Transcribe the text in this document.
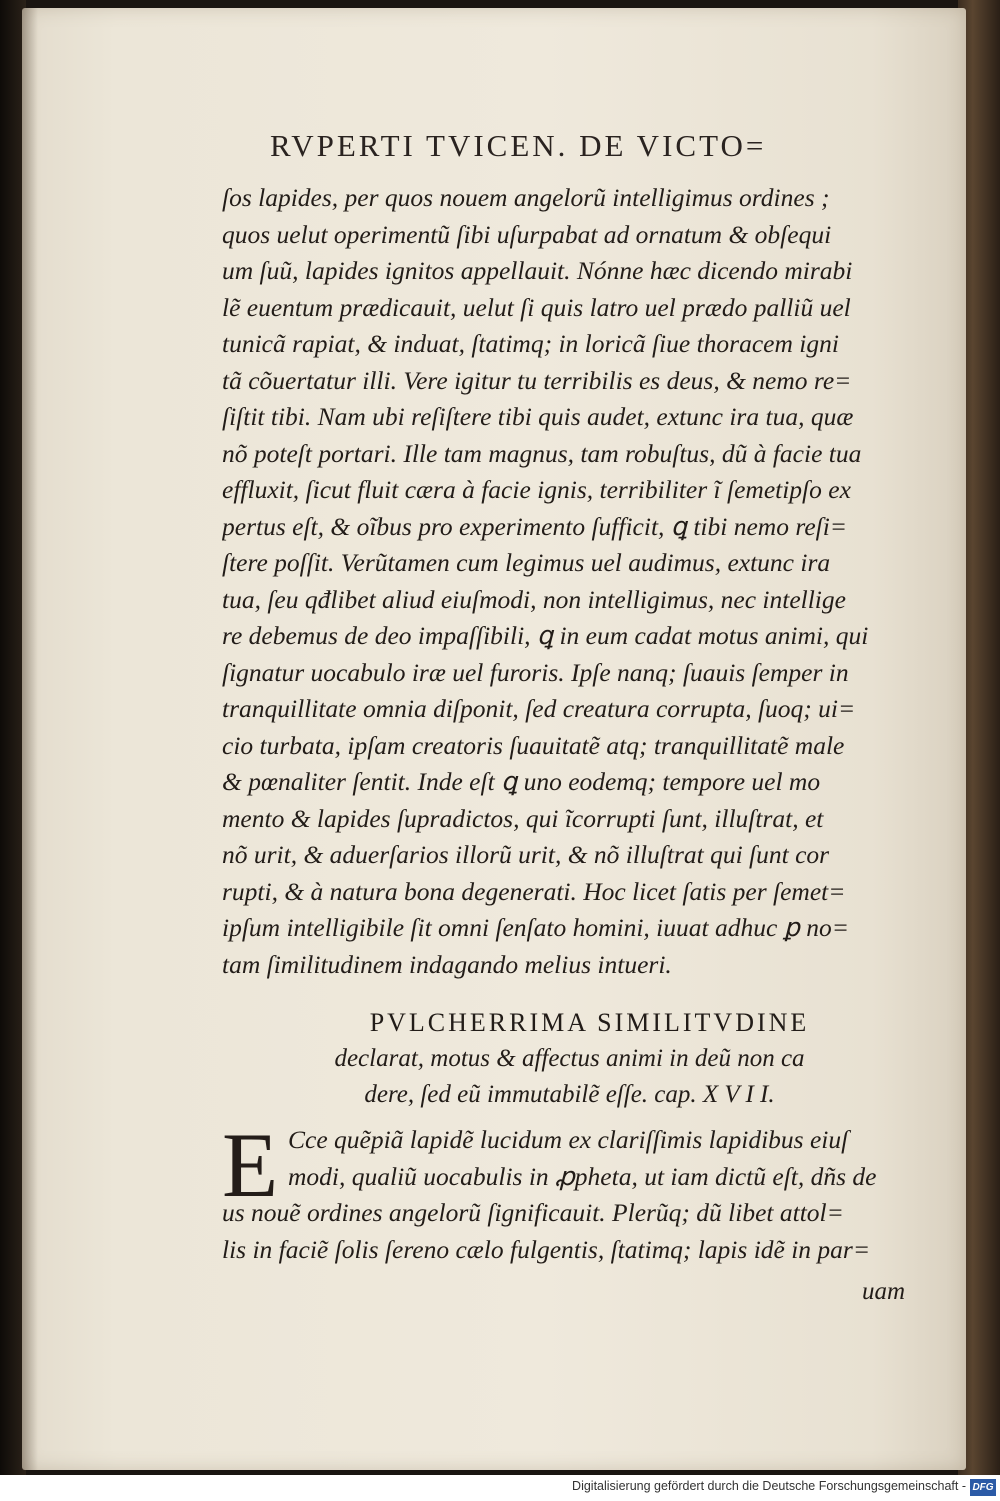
RVPERTI TVICEN. DE VICTO=
ſos lapides, per quos nouem angelorũ intelligimus ordines ;
quos uelut operimentũ ſibi uſurpabat ad ornatum & obſequi
um ſuũ, lapides ignitos appellauit. Nónne hæc dicendo mirabi
lẽ euentum prædicauit, uelut ſi quis latro uel prædo palliũ uel
tunicã rapiat, & induat, ſtatimq; in loricã ſiue thoracem igni
tã cõuertatur illi. Vere igitur tu terribilis es deus, & nemo re=
ſiſtit tibi. Nam ubi reſiſtere tibi quis audet, extunc ira tua, quæ
nõ poteſt portari. Ille tam magnus, tam robuſtus, dũ à facie tua
effluxit, ſicut fluit cæra à facie ignis, terribiliter ĩ ſemetipſo ex
pertus eſt, & oĩbus pro experimento ſufficit, ꝗ tibi nemo reſi=
ſtere poſſit. Verũtamen cum legimus uel audimus, extunc ira
tua, ſeu qđlibet aliud eiuſmodi, non intelligimus, nec intellige
re debemus de deo impaſſibili, ꝗ in eum cadat motus animi, qui
ſignatur uocabulo iræ uel furoris. Ipſe nanq; ſuauis ſemper in
tranquillitate omnia diſponit, ſed creatura corrupta, ſuoq; ui=
cio turbata, ipſam creatoris ſuauitatẽ atq; tranquillitatẽ male
& pœnaliter ſentit. Inde eſt ꝗ uno eodemq; tempore uel mo
mento & lapides ſupradictos, qui ĩcorrupti ſunt, illuſtrat, et
nõ urit, & aduerſarios illorũ urit, & nõ illuſtrat qui ſunt cor
rupti, & à natura bona degenerati. Hoc licet ſatis per ſemet=
ipſum intelligibile ſit omni ſenſato homini, iuuat adhuc ꝑ no=
tam ſimilitudinem indagando melius intueri.
PVLCHERRIMA SIMILITVDINE
declarat, motus & affectus animi in deũ non ca
dere, ſed eũ immutabilẽ eſſe. cap. X V I I.
E Cce quẽpiã lapidẽ lucidum ex clariſſimis lapidibus eiuſ
modi, qualiũ uocabulis in ꝓpheta, ut iam dictũ eſt, dñs de
us nouẽ ordines angelorũ ſignificauit. Plerũq; dũ libet attol=
lis in faciẽ ſolis ſereno cælo fulgentis, ſtatimq; lapis idẽ in par=
uam
Digitalisierung gefördert durch die Deutsche Forschungsgemeinschaft - DFG
